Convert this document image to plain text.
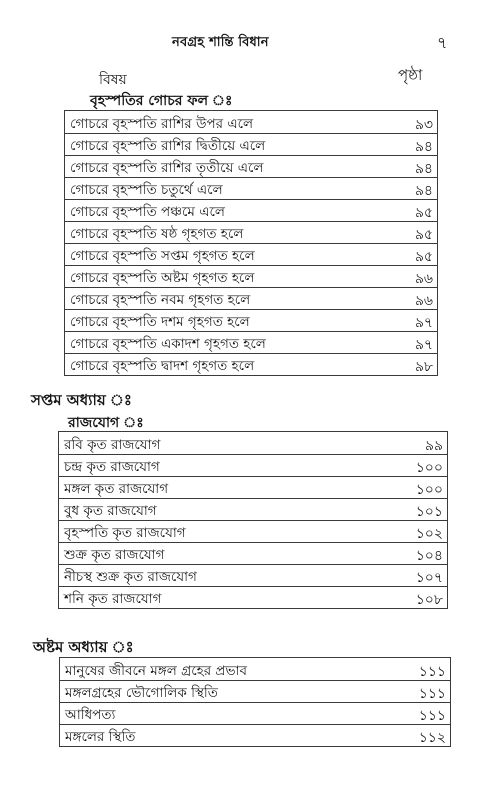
নবগ্রহ শান্তি বিধান	৭
বিষয়	পৃষ্ঠা
বৃহস্পতির গোচর ফল ঃ
গোচরে বৃহস্পতি রাশির উপর এলে	৯৩
গোচরে বৃহস্পতি রাশির দ্বিতীয়ে এলে	৯৪
গোচরে বৃহস্পতি রাশির তৃতীয়ে এলে	৯৪
গোচরে বৃহস্পতি চতুর্থে এলে	৯৪
গোচরে বৃহস্পতি পঞ্চমে এলে	৯৫
গোচরে বৃহস্পতি ষষ্ঠ গৃহগত হলে	৯৫
গোচরে বৃহস্পতি সপ্তম গৃহগত হলে	৯৫
গোচরে বৃহস্পতি অষ্টম গৃহগত হলে	৯৬
গোচরে বৃহস্পতি নবম গৃহগত হলে	৯৬
গোচরে বৃহস্পতি দশম গৃহগত হলে	৯৭
গোচরে বৃহস্পতি একাদশ গৃহগত হলে	৯৭
গোচরে বৃহস্পতি দ্বাদশ গৃহগত হলে	৯৮
সপ্তম অধ্যায় ঃ
রাজযোগ ঃ
রবি কৃত রাজযোগ	৯৯
চন্দ্র কৃত রাজযোগ	১০০
মঙ্গল কৃত রাজযোগ	১০০
বুধ কৃত রাজযোগ	১০১
বৃহস্পতি কৃত রাজযোগ	১০২
শুক্র কৃত রাজযোগ	১০৪
নীচস্থ শুক্র কৃত রাজযোগ	১০৭
শনি কৃত রাজযোগ	১০৮
অষ্টম অধ্যায় ঃ
মানুষের জীবনে মঙ্গল গ্রহের প্রভাব	১১১
মঙ্গলগ্রহের ভৌগোলিক স্থিতি	১১১
আধিপত্য	১১১
মঙ্গলের স্থিতি	১১২
